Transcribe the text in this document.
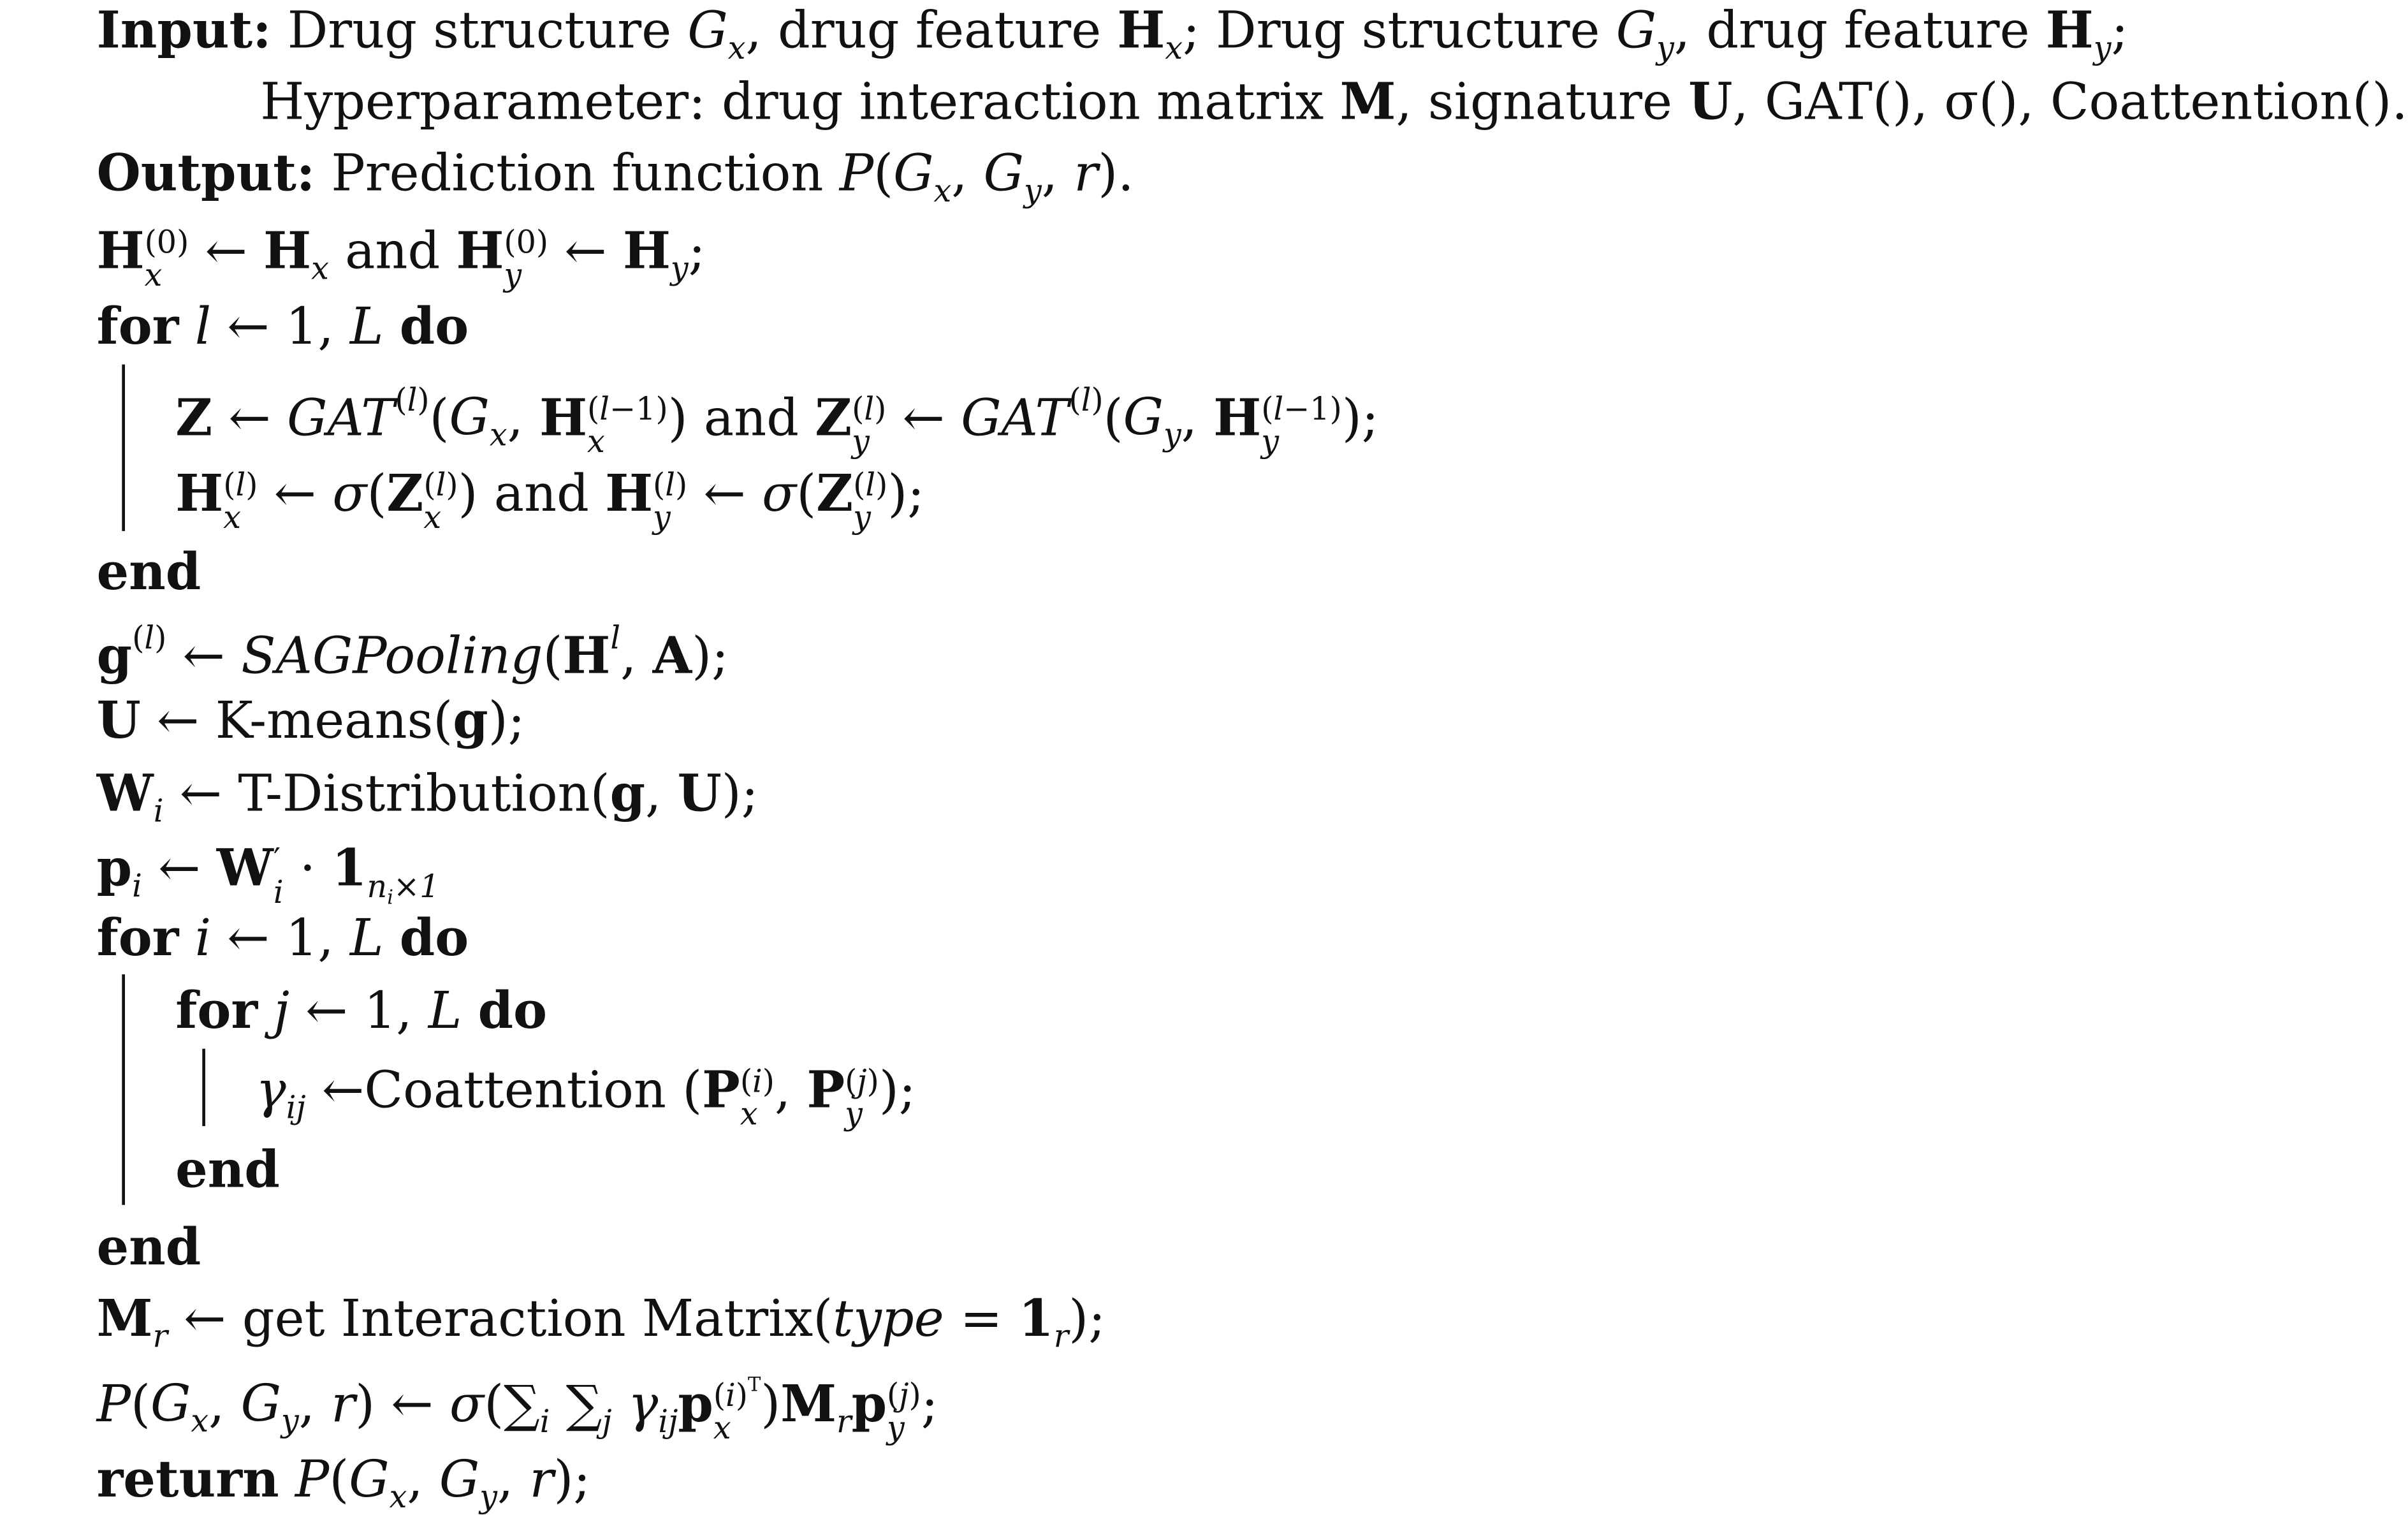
Input: Drug structure $G_x$, drug feature $H_x$; Drug structure $G_y$, drug feature $H_y$;
Hyperparameter: drug interaction matrix M, signature U, GAT(), σ(), Coattention().
Output: Prediction function $P(G_x$, $G_y$, r).
H (0)
x	← $H_x$ and H (0)
y	← $H_y$;
for l ← 1, L do
Z ← $GAT^{(l)}(G_x$, H (l−1)
x	) and Z (l)
y ← $GAT^{(l)}(G_y$, H (l−1)
y	);
H (l)
x ← σ(Z (l)
x ) and H (l)
y ← σ(Z (l)
y );
end
$g^{(l)}$ ← $SAGPooling(H^l$, A);
U ← K-means(g);
$W_i$ ← T-Distribution(g, U);
$p_i$ ← W ′
$i \cdot 1_{n_i\times 1}$
for i ← 1, L do
for j ← 1, L do
$\gamma_{ij}$ ←Coattention (P (i)
x , P (j)
y );
end
end
$M_r$ ← get Interaction Matrix(type = $1_r$);
$P(G_x$, $G_y$, r) ← $\sigma(\sum_i$ $\sum_j$ $\gamma_{ij}p$ $(i)^T$
x	)$M_rp$ (j)
y ;
return $P(G_x$, $G_y$, r);
